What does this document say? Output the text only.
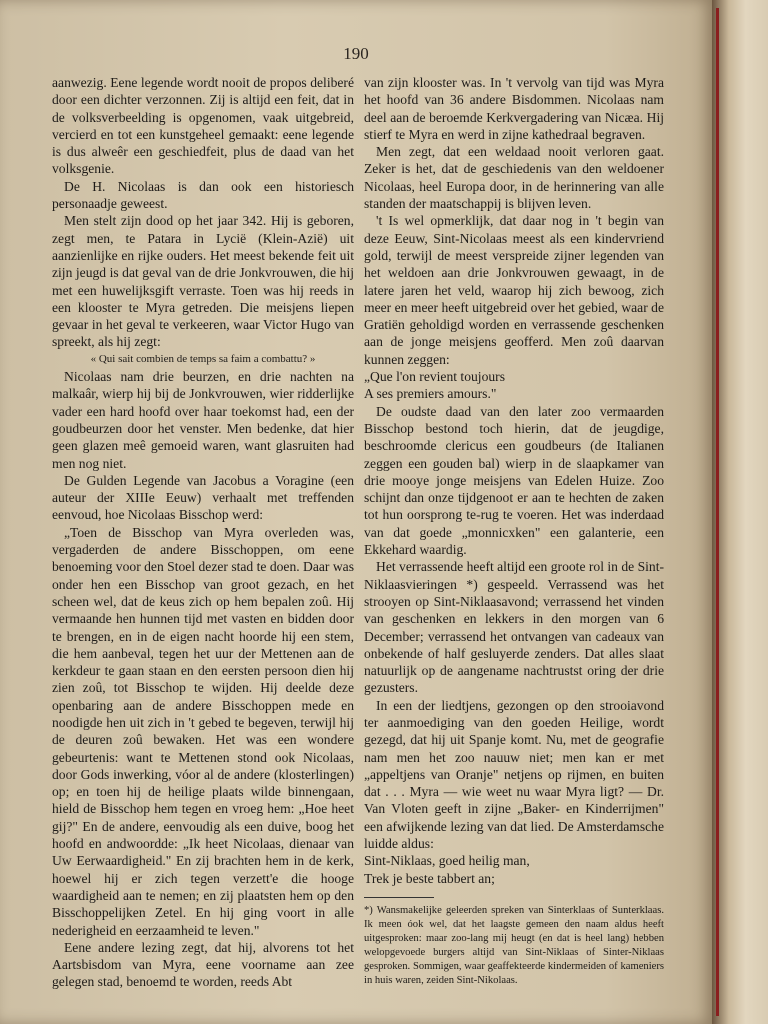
190

aanwezig. Eene legende wordt nooit de propos deliberé door een dichter verzonnen. Zij is altijd een feit, dat in de volksverbeelding is opgenomen, vaak uitgebreid, vercierd en tot een kunstgeheel gemaakt: eene legende is dus alweêr een geschiedfeit, plus de daad van het volksgenie.

De H. Nicolaas is dan ook een historiesch personaadje geweest.

Men stelt zijn dood op het jaar 342. Hij is geboren, zegt men, te Patara in Lycië (Klein-Azië) uit aanzienlijke en rijke ouders. Het meest bekende feit uit zijn jeugd is dat geval van de drie Jonkvrouwen, die hij met een huwelijksgift verraste. Toen was hij reeds in een klooster te Myra getreden. Die meisjens liepen gevaar in het geval te verkeeren, waar Victor Hugo van spreekt, als hij zegt:

« Qui sait combien de temps sa faim a combattu? »

Nicolaas nam drie beurzen, en drie nachten na malkaâr, wierp hij bij de Jonkvrouwen, wier ridderlijke vader een hard hoofd over haar toekomst had, een der goudbeurzen door het venster. Men bedenke, dat hier geen glazen meê gemoeid waren, want glasruiten had men nog niet.

De Gulden Legende van Jacobus a Voragine (een auteur der XIIIe Eeuw) verhaalt met treffenden eenvoud, hoe Nicolaas Bisschop werd:

„Toen de Bisschop van Myra overleden was, vergaderden de andere Bisschoppen, om eene benoeming voor den Stoel dezer stad te doen. Daar was onder hen een Bisschop van groot gezach, en het scheen wel, dat de keus zich op hem bepalen zoû. Hij vermaande hen hunnen tijd met vasten en bidden door te brengen, en in de eigen nacht hoorde hij een stem, die hem aanbeval, tegen het uur der Mettenen aan de kerkdeur te gaan staan en den eersten persoon dien hij zien zoû, tot Bisschop te wijden. Hij deelde deze openbaring aan de andere Bisschoppen mede en noodigde hen uit zich in 't gebed te begeven, terwijl hij de deuren zoû bewaken. Het was een wondere gebeurtenis: want te Mettenen stond ook Nicolaas, door Gods inwerking, vóor al de andere (klosterlingen) op; en toen hij de heilige plaats wilde binnengaan, hield de Bisschop hem tegen en vroeg hem: „Hoe heet gij?" En de andere, eenvoudig als een duive, boog het hoofd en andwoordde: „Ik heet Nicolaas, dienaar van Uw Eerwaardigheid." En zij brachten hem in de kerk, hoewel hij er zich tegen verzett'e die hooge waardigheid aan te nemen; en zij plaatsten hem op den Bisschoppelijken Zetel. En hij ging voort in alle nederigheid en eerzaamheid te leven."

Eene andere lezing zegt, dat hij, alvorens tot het Aartsbisdom van Myra, eene voorname aan zee gelegen stad, benoemd te worden, reeds Abt

van zijn klooster was. In 't vervolg van tijd was Myra het hoofd van 36 andere Bisdommen. Nicolaas nam deel aan de beroemde Kerkvergadering van Nicæa. Hij stierf te Myra en werd in zijne kathedraal begraven.

Men zegt, dat een weldaad nooit verloren gaat. Zeker is het, dat de geschiedenis van den weldoener Nicolaas, heel Europa door, in de herinnering van alle standen der maatschappij is blijven leven.

't Is wel opmerklijk, dat daar nog in 't begin van deze Eeuw, Sint-Nicolaas meest als een kindervriend gold, terwijl de meest verspreide zijner legenden van het weldoen aan drie Jonkvrouwen gewaagt, in de latere jaren het veld, waarop hij zich bewoog, zich meer en meer heeft uitgebreid over het gebied, waar de Gratiën geholdigd worden en verrassende geschenken aan de jonge meisjens geofferd. Men zoû daarvan kunnen zeggen:

„Que l'on revient toujours

A ses premiers amours."

De oudste daad van den later zoo vermaarden Bisschop bestond toch hierin, dat de jeugdige, beschroomde clericus een goudbeurs (de Italianen zeggen een gouden bal) wierp in de slaapkamer van drie mooye jonge meisjens van Edelen Huize. Zoo schijnt dan onze tijdgenoot er aan te hechten de zaken tot hun oorsprong te-rug te voeren. Het was inderdaad van dat goede „monnicxken" een galanterie, een Ekkehard waardig.

Het verrassende heeft altijd een groote rol in de Sint-Niklaasvieringen *) gespeeld. Verrassend was het strooyen op Sint-Niklaasavond; verrassend het vinden van geschenken en lekkers in den morgen van 6 December; verrassend het ontvangen van cadeaux van onbekende of half gesluyerde zenders. Dat alles slaat natuurlijk op de aangename nachtrustst oring der drie gezusters.

In een der liedtjens, gezongen op den strooiavond ter aanmoediging van den goeden Heilige, wordt gezegd, dat hij uit Spanje komt. Nu, met de geografie nam men het zoo nauuw niet; men kan er met „appeltjens van Oranje" netjens op rijmen, en buiten dat . . . Myra — wie weet nu waar Myra ligt? — Dr. Van Vloten geeft in zijne „Baker- en Kinderrijmen" een afwijkende lezing van dat lied. De Amsterdamsche luidde aldus:

Sint-Niklaas, goed heilig man,

Trek je beste tabbert an;

*) Wansmakelijke geleerden spreken van Sinterklaas of Sunterklaas. Ik meen óok wel, dat het laagste gemeen den naam aldus heeft uitgesproken: maar zoo-lang mij heugt (en dat is heel lang) hebben welopgevoede burgers altijd van Sint-Niklaas of Sinter-Niklaas gesproken. Sommigen, waar geaffekteerde kindermeiden of kameniers in huis waren, zeiden Sint-Nikolaas.
